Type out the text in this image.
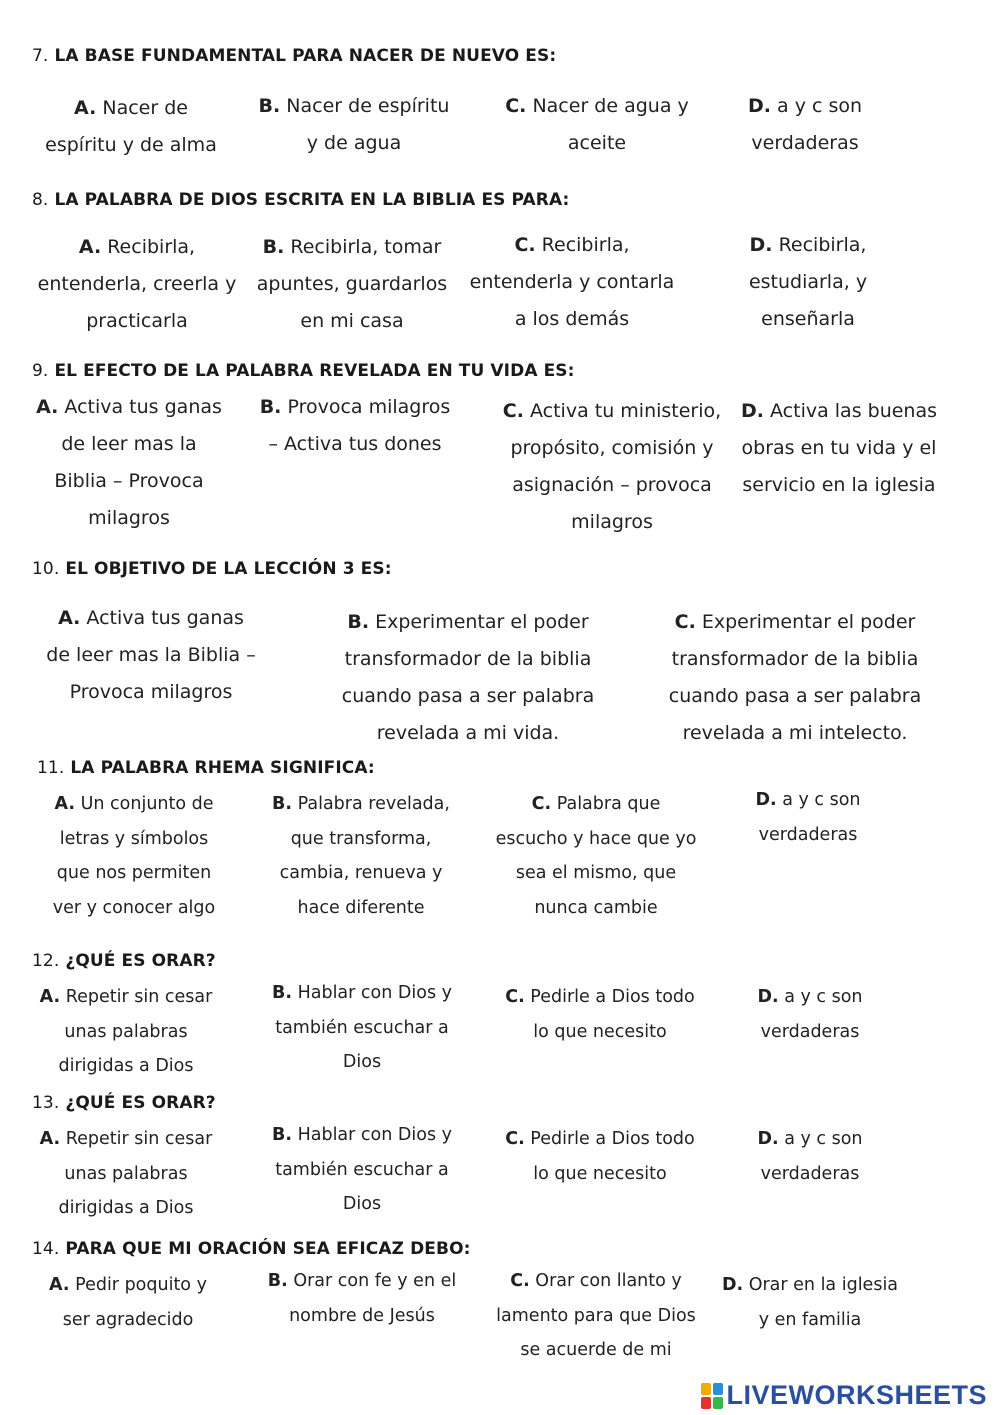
7. LA BASE FUNDAMENTAL PARA NACER DE NUEVO ES:
A. Nacer de espíritu y de alma
B. Nacer de espíritu y de agua
C. Nacer de agua y aceite
D. a y c son verdaderas
8. LA PALABRA DE DIOS ESCRITA EN LA BIBLIA ES PARA:
A. Recibirla, entenderla, creerla y practicarla
B. Recibirla, tomar apuntes, guardarlos en mi casa
C. Recibirla, entenderla y contarla a los demás
D. Recibirla, estudiarla, y enseñarla
9. EL EFECTO DE LA PALABRA REVELADA EN TU VIDA ES:
A. Activa tus ganas de leer mas la Biblia – Provoca milagros
B. Provoca milagros – Activa tus dones
C. Activa tu ministerio, propósito, comisión y asignación – provoca milagros
D. Activa las buenas obras en tu vida y el servicio en la iglesia
10. EL OBJETIVO DE LA LECCIÓN 3 ES:
A. Activa tus ganas de leer mas la Biblia – Provoca milagros
B. Experimentar el poder transformador de la biblia cuando pasa a ser palabra revelada a mi vida.
C. Experimentar el poder transformador de la biblia cuando pasa a ser palabra revelada a mi intelecto.
11. LA PALABRA RHEMA SIGNIFICA:
A. Un conjunto de letras y símbolos que nos permiten ver y conocer algo
B. Palabra revelada, que transforma, cambia, renueva y hace diferente
C. Palabra que escucho y hace que yo sea el mismo, que nunca cambie
D. a y c son verdaderas
12. ¿QUÉ ES ORAR?
A. Repetir sin cesar unas palabras dirigidas a Dios
B. Hablar con Dios y también escuchar a Dios
C. Pedirle a Dios todo lo que necesito
D. a y c son verdaderas
13. ¿QUÉ ES ORAR?
A. Repetir sin cesar unas palabras dirigidas a Dios
B. Hablar con Dios y también escuchar a Dios
C. Pedirle a Dios todo lo que necesito
D. a y c son verdaderas
14. PARA QUE MI ORACIÓN SEA EFICAZ DEBO:
A. Pedir poquito y ser agradecido
B. Orar con fe y en el nombre de Jesús
C. Orar con llanto y lamento para que Dios se acuerde de mi
D. Orar en la iglesia y en familia
LIVEWORKSHEETS
